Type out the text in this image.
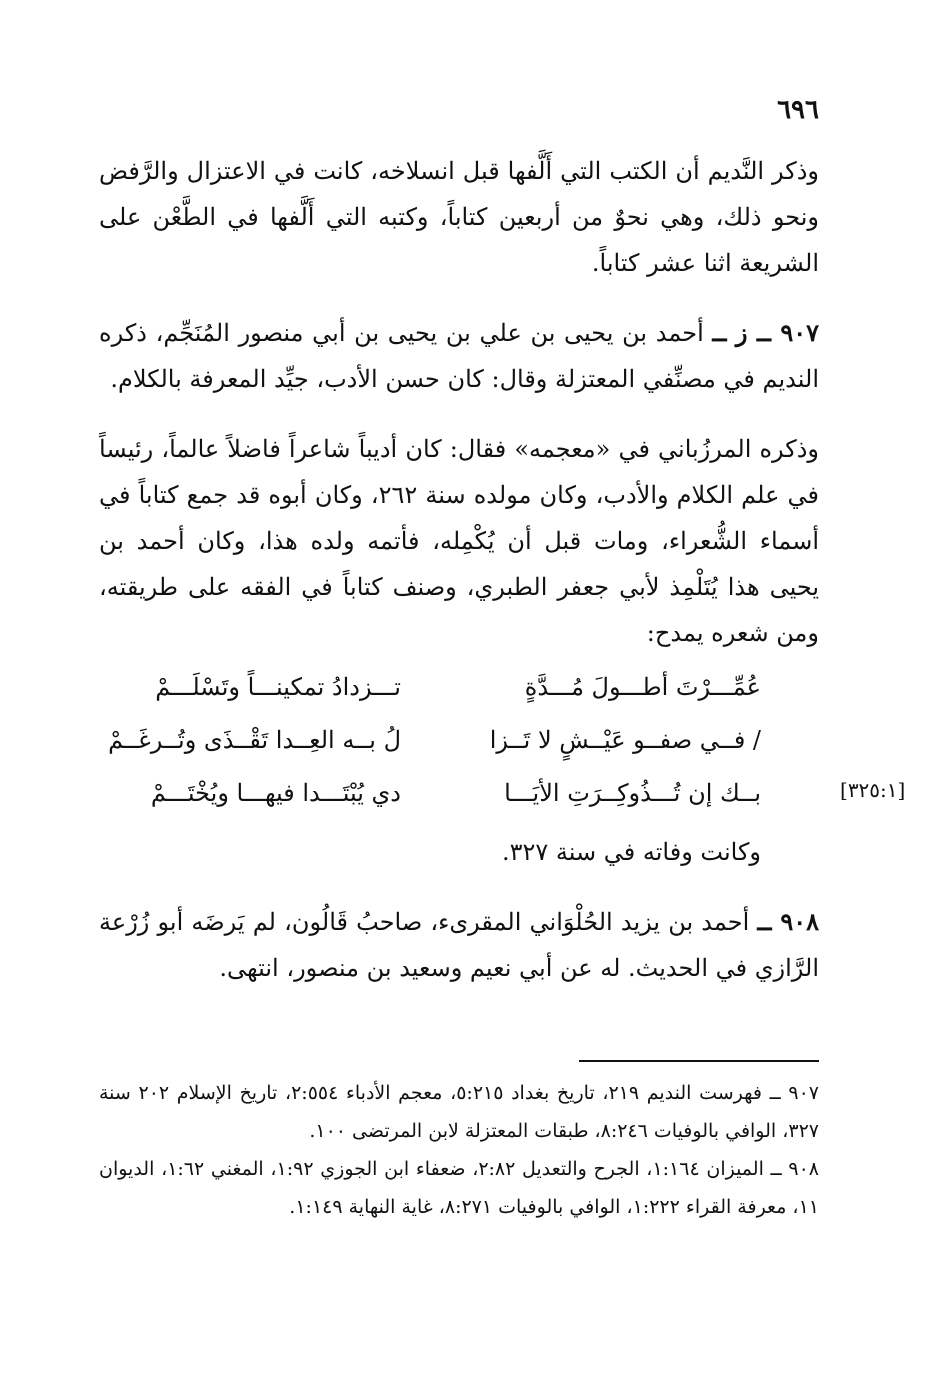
٦٩٦

وذكر النَّديم أن الكتب التي أَلَّفها قبل انسلاخه، كانت في الاعتزال والرَّفض ونحو ذلك، وهي نحوٌ من أربعين كتاباً، وكتبه التي أَلَّفها في الطَّعْن على الشريعة اثنا عشر كتاباً.

٩٠٧ ــ ز ــ أحمد بن يحيى بن علي بن يحيى بن أبي منصور المُنَجِّم، ذكره النديم في مصنِّفي المعتزلة وقال: كان حسن الأدب، جيِّد المعرفة بالكلام.

وذكره المرزُباني في «معجمه» فقال: كان أديباً شاعراً فاضلاً عالماً، رئيساً في علم الكلام والأدب، وكان مولده سنة ٢٦٢، وكان أبوه قد جمع كتاباً في أسماء الشُّعراء، ومات قبل أن يُكْمِله، فأتمه ولده هذا، وكان أحمد بن يحيى هذا يُتَلْمِذ لأبي جعفر الطبري، وصنف كتاباً في الفقه على طريقته، ومن شعره يمدح:

عُمِّـــرْتَ أطـــولَ مُـــدَّةٍ
تـــزدادُ تمكينـــاً وتَسْلَـــمْ
/ فــي صفــو عَيْــشٍ لا تَــزا
لُ بــه العِــدا تَقْــذَى وتُــرغَــمْ
بــك إن تُـــذُوكِــرَتِ الأيَـــا
دي يُبْتَـــدا فيهـــا ويُخْتَـــمْ

وكانت وفاته في سنة ٣٢٧.

٩٠٨ ــ أحمد بن يزيد الحُلْوَاني المقرىء، صاحبُ قَالُون، لم يَرضَه أبو زُرْعة الرَّازي في الحديث. له عن أبي نعيم وسعيد بن منصور، انتهى.

[٣٢٥:١]

٩٠٧ ــ فهرست النديم ٢١٩، تاريخ بغداد ٥:٢١٥، معجم الأدباء ٢:٥٥٤، تاريخ الإسلام ٢٠٢ سنة ٣٢٧، الوافي بالوفيات ٨:٢٤٦، طبقات المعتزلة لابن المرتضى ١٠٠.

٩٠٨ ــ الميزان ١:١٦٤، الجرح والتعديل ٢:٨٢، ضعفاء ابن الجوزي ١:٩٢، المغني ١:٦٢، الديوان ١١، معرفة القراء ١:٢٢٢، الوافي بالوفيات ٨:٢٧١، غاية النهاية ١:١٤٩.
